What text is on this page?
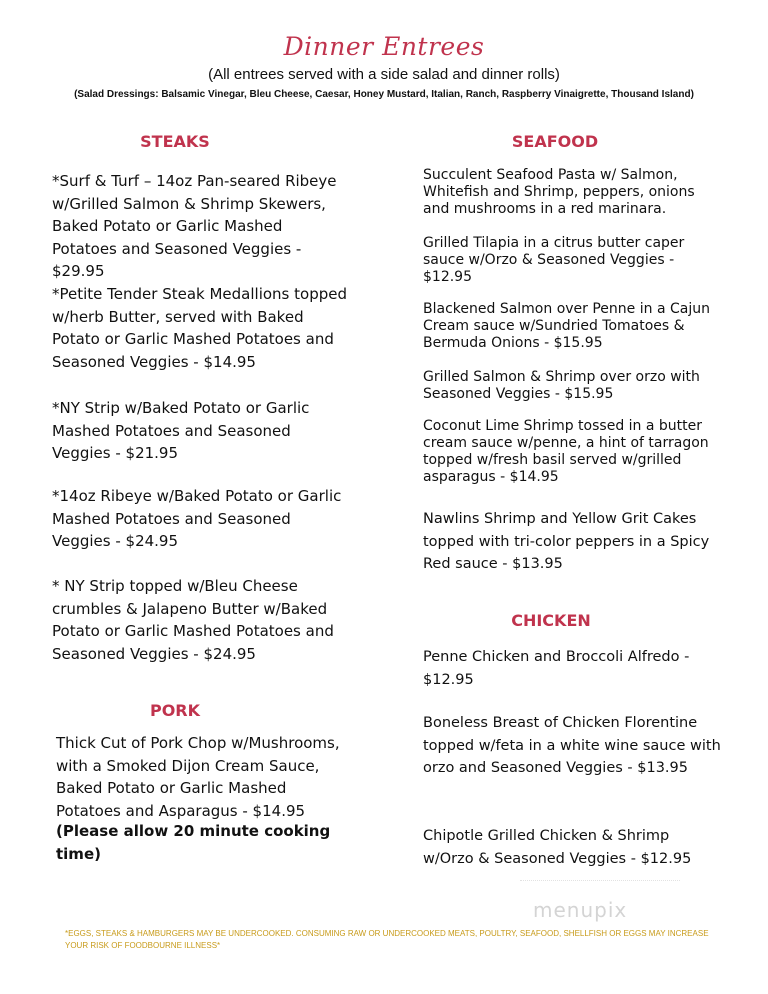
Dinner Entrees
(All entrees served with a side salad and dinner rolls)
(Salad Dressings: Balsamic Vinegar, Bleu Cheese, Caesar, Honey Mustard, Italian, Ranch, Raspberry Vinaigrette, Thousand Island)
STEAKS

*Surf & Turf – 14oz Pan-seared Ribeye w/Grilled Salmon & Shrimp Skewers, Baked Potato or Garlic Mashed Potatoes and Seasoned Veggies - $29.95

*Petite Tender Steak Medallions topped w/herb Butter, served with Baked Potato or Garlic Mashed Potatoes and Seasoned Veggies - $14.95

*NY Strip w/Baked Potato or Garlic Mashed Potatoes and Seasoned Veggies - $21.95

*14oz Ribeye w/Baked Potato or Garlic Mashed Potatoes and Seasoned Veggies - $24.95

* NY Strip topped w/Bleu Cheese crumbles & Jalapeno Butter w/Baked Potato or Garlic Mashed Potatoes and Seasoned Veggies - $24.95

PORK

Thick Cut of Pork Chop w/Mushrooms, with a Smoked Dijon Cream Sauce, Baked Potato or Garlic Mashed Potatoes and Asparagus - $14.95

(Please allow 20 minute cooking time)

SEAFOOD

Succulent Seafood Pasta w/ Salmon, Whitefish and Shrimp, peppers, onions and mushrooms in a red marinara.

Grilled Tilapia in a citrus butter caper sauce w/Orzo & Seasoned Veggies - $12.95

Blackened Salmon over Penne in a Cajun Cream sauce w/Sundried Tomatoes & Bermuda Onions - $15.95

Grilled Salmon & Shrimp over orzo with Seasoned Veggies - $15.95

Coconut Lime Shrimp tossed in a butter cream sauce w/penne, a hint of tarragon topped w/fresh basil served w/grilled asparagus - $14.95

Nawlins Shrimp and Yellow Grit Cakes topped with tri-color peppers in a Spicy Red sauce - $13.95

CHICKEN

Penne Chicken and Broccoli Alfredo - $12.95

Boneless Breast of Chicken Florentine topped w/feta in a white wine sauce with orzo and Seasoned Veggies - $13.95

Chipotle Grilled Chicken & Shrimp w/Orzo & Seasoned Veggies - $12.95

menupix
*EGGS, STEAKS & HAMBURGERS MAY BE UNDERCOOKED. CONSUMING RAW OR UNDERCOOKED MEATS, POULTRY, SEAFOOD, SHELLFISH OR EGGS MAY INCREASE YOUR RISK OF FOODBOURNE ILLNESS*
